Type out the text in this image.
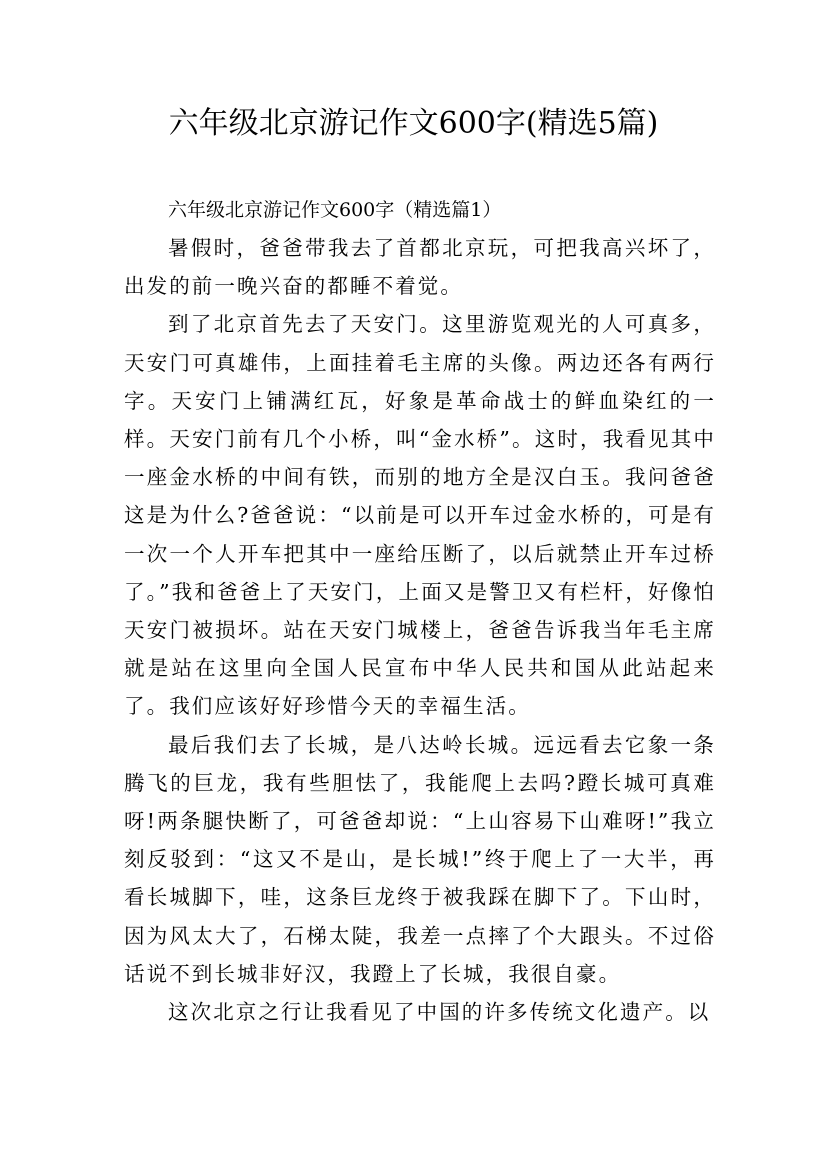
六年级北京游记作文600字(精选5篇)
六年级北京游记作文600字（精选篇1）

暑假时，爸爸带我去了首都北京玩，可把我高兴坏了，出发的前一晚兴奋的都睡不着觉。

到了北京首先去了天安门。这里游览观光的人可真多，天安门可真雄伟，上面挂着毛主席的头像。两边还各有两行字。天安门上铺满红瓦，好象是革命战士的鲜血染红的一样。天安门前有几个小桥，叫“金水桥”。这时，我看见其中一座金水桥的中间有铁，而别的地方全是汉白玉。我问爸爸这是为什么?爸爸说：“以前是可以开车过金水桥的，可是有一次一个人开车把其中一座给压断了，以后就禁止开车过桥了。”我和爸爸上了天安门，上面又是警卫又有栏杆，好像怕天安门被损坏。站在天安门城楼上，爸爸告诉我当年毛主席就是站在这里向全国人民宣布中华人民共和国从此站起来了。我们应该好好珍惜今天的幸福生活。

最后我们去了长城，是八达岭长城。远远看去它象一条腾飞的巨龙，我有些胆怯了，我能爬上去吗?蹬长城可真难呀!两条腿快断了，可爸爸却说：“上山容易下山难呀!”我立刻反驳到：“这又不是山，是长城!”终于爬上了一大半，再看长城脚下，哇，这条巨龙终于被我踩在脚下了。下山时，因为风太大了，石梯太陡，我差一点摔了个大跟头。不过俗话说不到长城非好汉，我蹬上了长城，我很自豪。

这次北京之行让我看见了中国的许多传统文化遗产。以
